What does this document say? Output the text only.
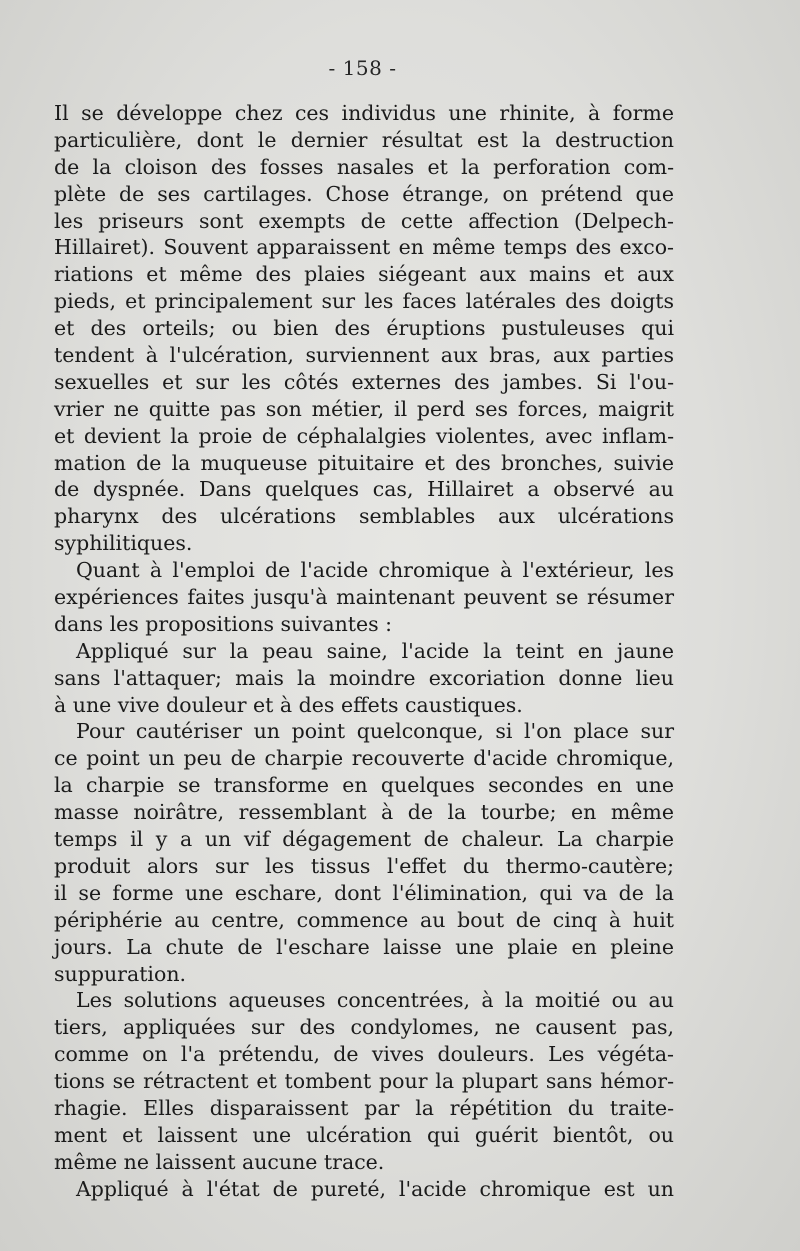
- 158 -
Il se développe chez ces individus une rhinite, à forme
particulière, dont le dernier résultat est la destruction
de la cloison des fosses nasales et la perforation com-
plète de ses cartilages. Chose étrange, on prétend que
les priseurs sont exempts de cette affection (Delpech-
Hillairet). Souvent apparaissent en même temps des exco-
riations et même des plaies siégeant aux mains et aux
pieds, et principalement sur les faces latérales des doigts
et des orteils; ou bien des éruptions pustuleuses qui
tendent à l'ulcération, surviennent aux bras, aux parties
sexuelles et sur les côtés externes des jambes. Si l'ou-
vrier ne quitte pas son métier, il perd ses forces, maigrit
et devient la proie de céphalalgies violentes, avec inflam-
mation de la muqueuse pituitaire et des bronches, suivie
de dyspnée. Dans quelques cas, Hillairet a observé au
pharynx des ulcérations semblables aux ulcérations
syphilitiques.
Quant à l'emploi de l'acide chromique à l'extérieur, les
expériences faites jusqu'à maintenant peuvent se résumer
dans les propositions suivantes :
Appliqué sur la peau saine, l'acide la teint en jaune
sans l'attaquer; mais la moindre excoriation donne lieu
à une vive douleur et à des effets caustiques.
Pour cautériser un point quelconque, si l'on place sur
ce point un peu de charpie recouverte d'acide chromique,
la charpie se transforme en quelques secondes en une
masse noirâtre, ressemblant à de la tourbe; en même
temps il y a un vif dégagement de chaleur. La charpie
produit alors sur les tissus l'effet du thermo-cautère;
il se forme une eschare, dont l'élimination, qui va de la
périphérie au centre, commence au bout de cinq à huit
jours. La chute de l'eschare laisse une plaie en pleine
suppuration.
Les solutions aqueuses concentrées, à la moitié ou au
tiers, appliquées sur des condylomes, ne causent pas,
comme on l'a prétendu, de vives douleurs. Les végéta-
tions se rétractent et tombent pour la plupart sans hémor-
rhagie. Elles disparaissent par la répétition du traite-
ment et laissent une ulcération qui guérit bientôt, ou
même ne laissent aucune trace.
Appliqué à l'état de pureté, l'acide chromique est un
